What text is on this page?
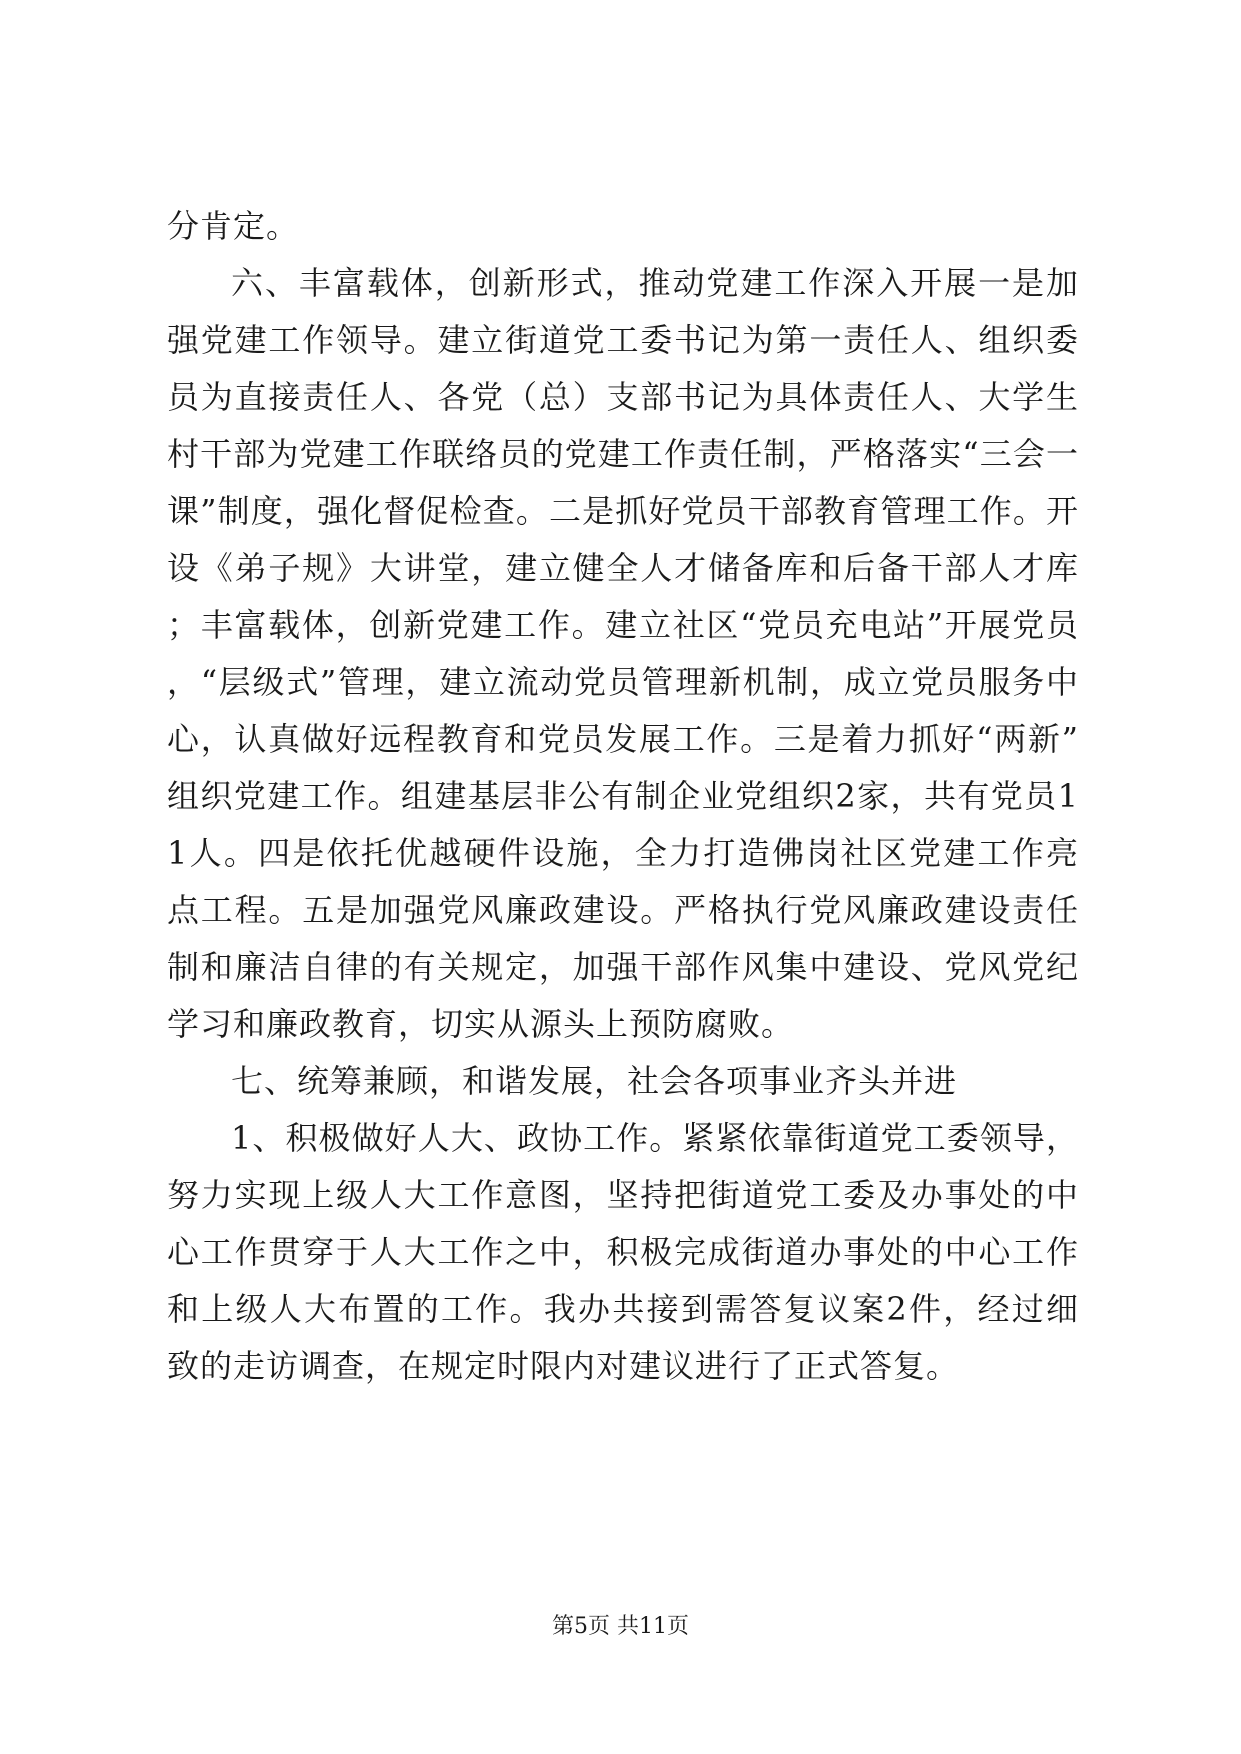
分肯定。

六、丰富载体，创新形式，推动党建工作深入开展一是加强党建工作领导。建立街道党工委书记为第一责任人、组织委员为直接责任人、各党（总）支部书记为具体责任人、大学生村干部为党建工作联络员的党建工作责任制，严格落实“三会一课”制度，强化督促检查。二是抓好党员干部教育管理工作。开设《弟子规》大讲堂，建立健全人才储备库和后备干部人才库；丰富载体，创新党建工作。建立社区“党员充电站”开展党员，“层级式”管理，建立流动党员管理新机制，成立党员服务中心，认真做好远程教育和党员发展工作。三是着力抓好“两新”组织党建工作。组建基层非公有制企业党组织2家，共有党员11人。四是依托优越硬件设施，全力打造佛岗社区党建工作亮点工程。五是加强党风廉政建设。严格执行党风廉政建设责任制和廉洁自律的有关规定，加强干部作风集中建设、党风党纪学习和廉政教育，切实从源头上预防腐败。

七、统筹兼顾，和谐发展，社会各项事业齐头并进

1、积极做好人大、政协工作。紧紧依靠街道党工委领导，努力实现上级人大工作意图，坚持把街道党工委及办事处的中心工作贯穿于人大工作之中，积极完成街道办事处的中心工作和上级人大布置的工作。我办共接到需答复议案2件，经过细致的走访调查，在规定时限内对建议进行了正式答复。

第5页 共11页
